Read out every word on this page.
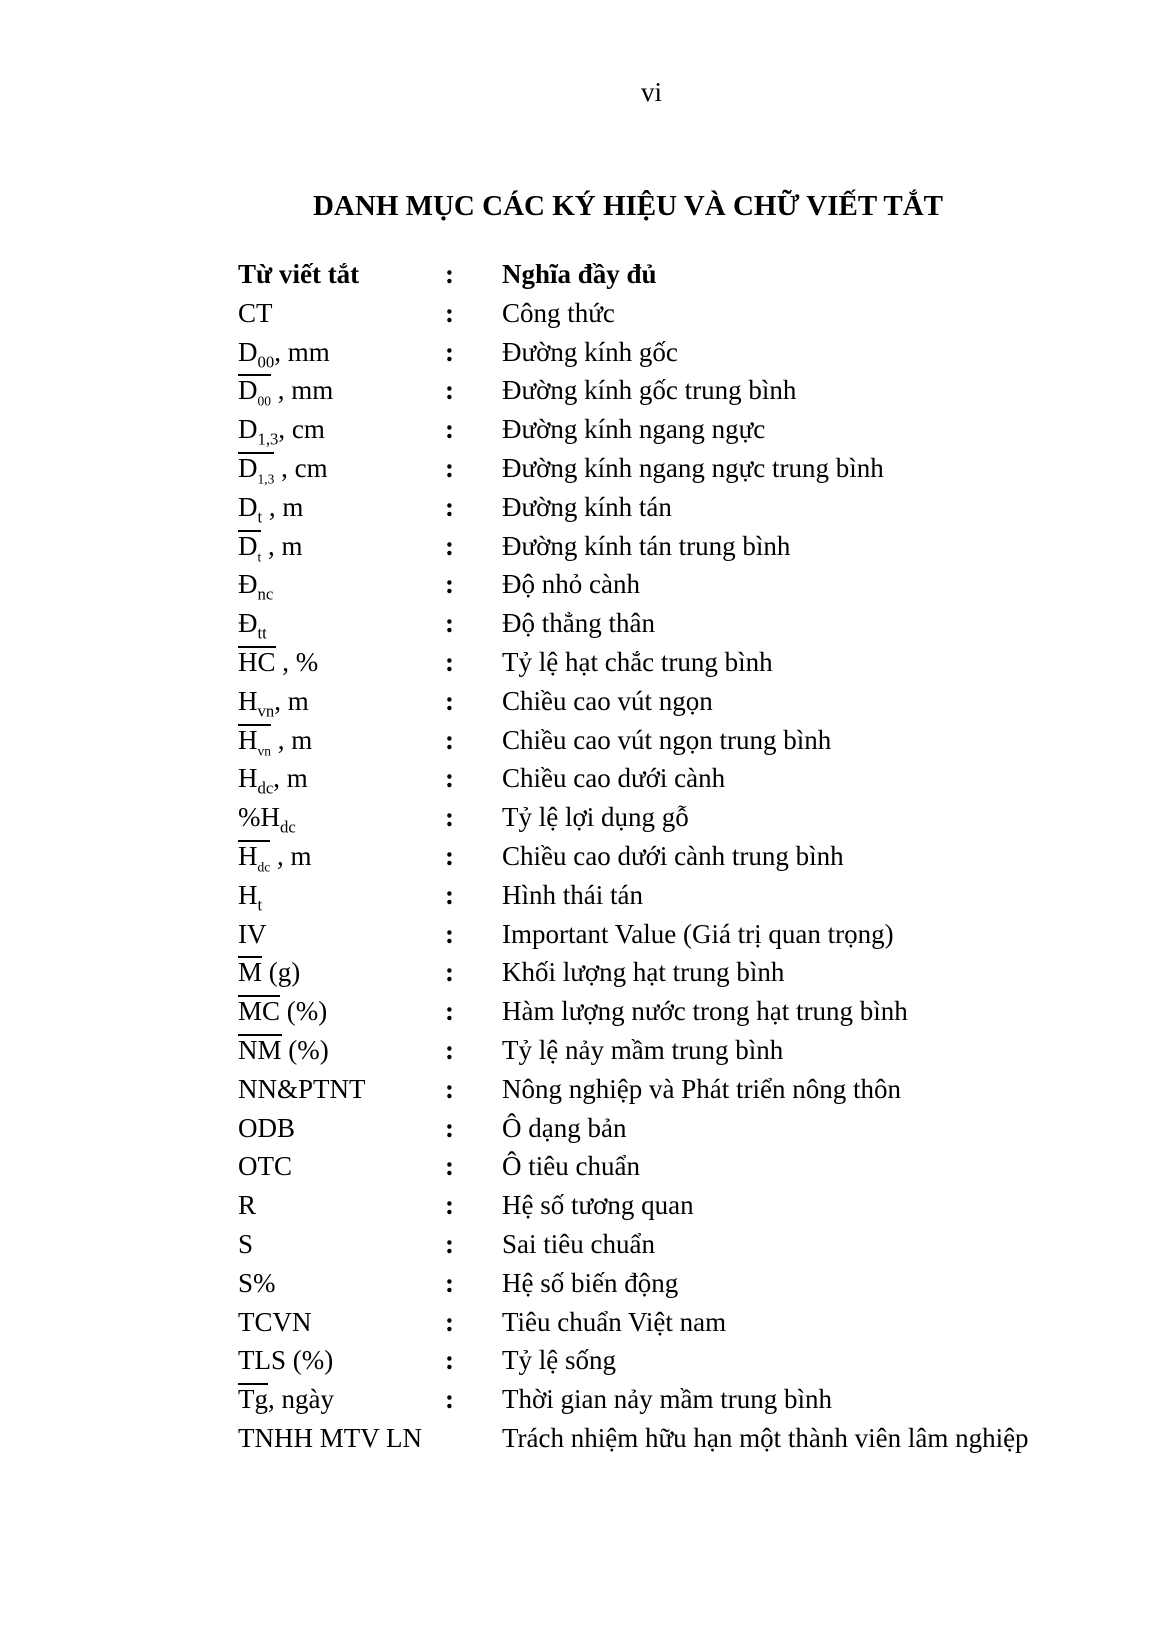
vi
DANH MỤC CÁC KÝ HIỆU VÀ CHỮ VIẾT TẮT
Từ viết tắt	:	Nghĩa đầy đủ
CT	:	Công thức
$D_{00}$, mm	:	Đường kính gốc
$D_{00}$ , mm	:	Đường kính gốc trung bình
$D_{1,3}$, cm	:	Đường kính ngang ngực
$D_{1,3}$ , cm	:	Đường kính ngang ngực trung bình
$D_t$ , m	:	Đường kính tán
$D_t$ , m	:	Đường kính tán trung bình
$Đ_{nc}$	:	Độ nhỏ cành
$Đ_{tt}$	:	Độ thẳng thân
HC , %	:	Tỷ lệ hạt chắc trung bình
$H_{vn}$, m	:	Chiều cao vút ngọn
$H_{vn}$ , m	:	Chiều cao vút ngọn trung bình
$H_{dc}$, m	:	Chiều cao dưới cành
$\%H_{dc}$	:	Tỷ lệ lợi dụng gỗ
$H_{dc}$ , m	:	Chiều cao dưới cành trung bình
$H_t$	:	Hình thái tán
IV	:	Important Value (Giá trị quan trọng)
M (g)	:	Khối lượng hạt trung bình
MC (%)	:	Hàm lượng nước trong hạt trung bình
NM (%)	:	Tỷ lệ nảy mầm trung bình
NN&PTNT	:	Nông nghiệp và Phát triển nông thôn
ODB	:	Ô dạng bản
OTC	:	Ô tiêu chuẩn
R	:	Hệ số tương quan
S	:	Sai tiêu chuẩn
S%	:	Hệ số biến động
TCVN	:	Tiêu chuẩn Việt nam
TLS (%)	:	Tỷ lệ sống
Tg, ngày	:	Thời gian nảy mầm trung bình
TNHH MTV LN	Trách nhiệm hữu hạn một thành viên lâm nghiệp
